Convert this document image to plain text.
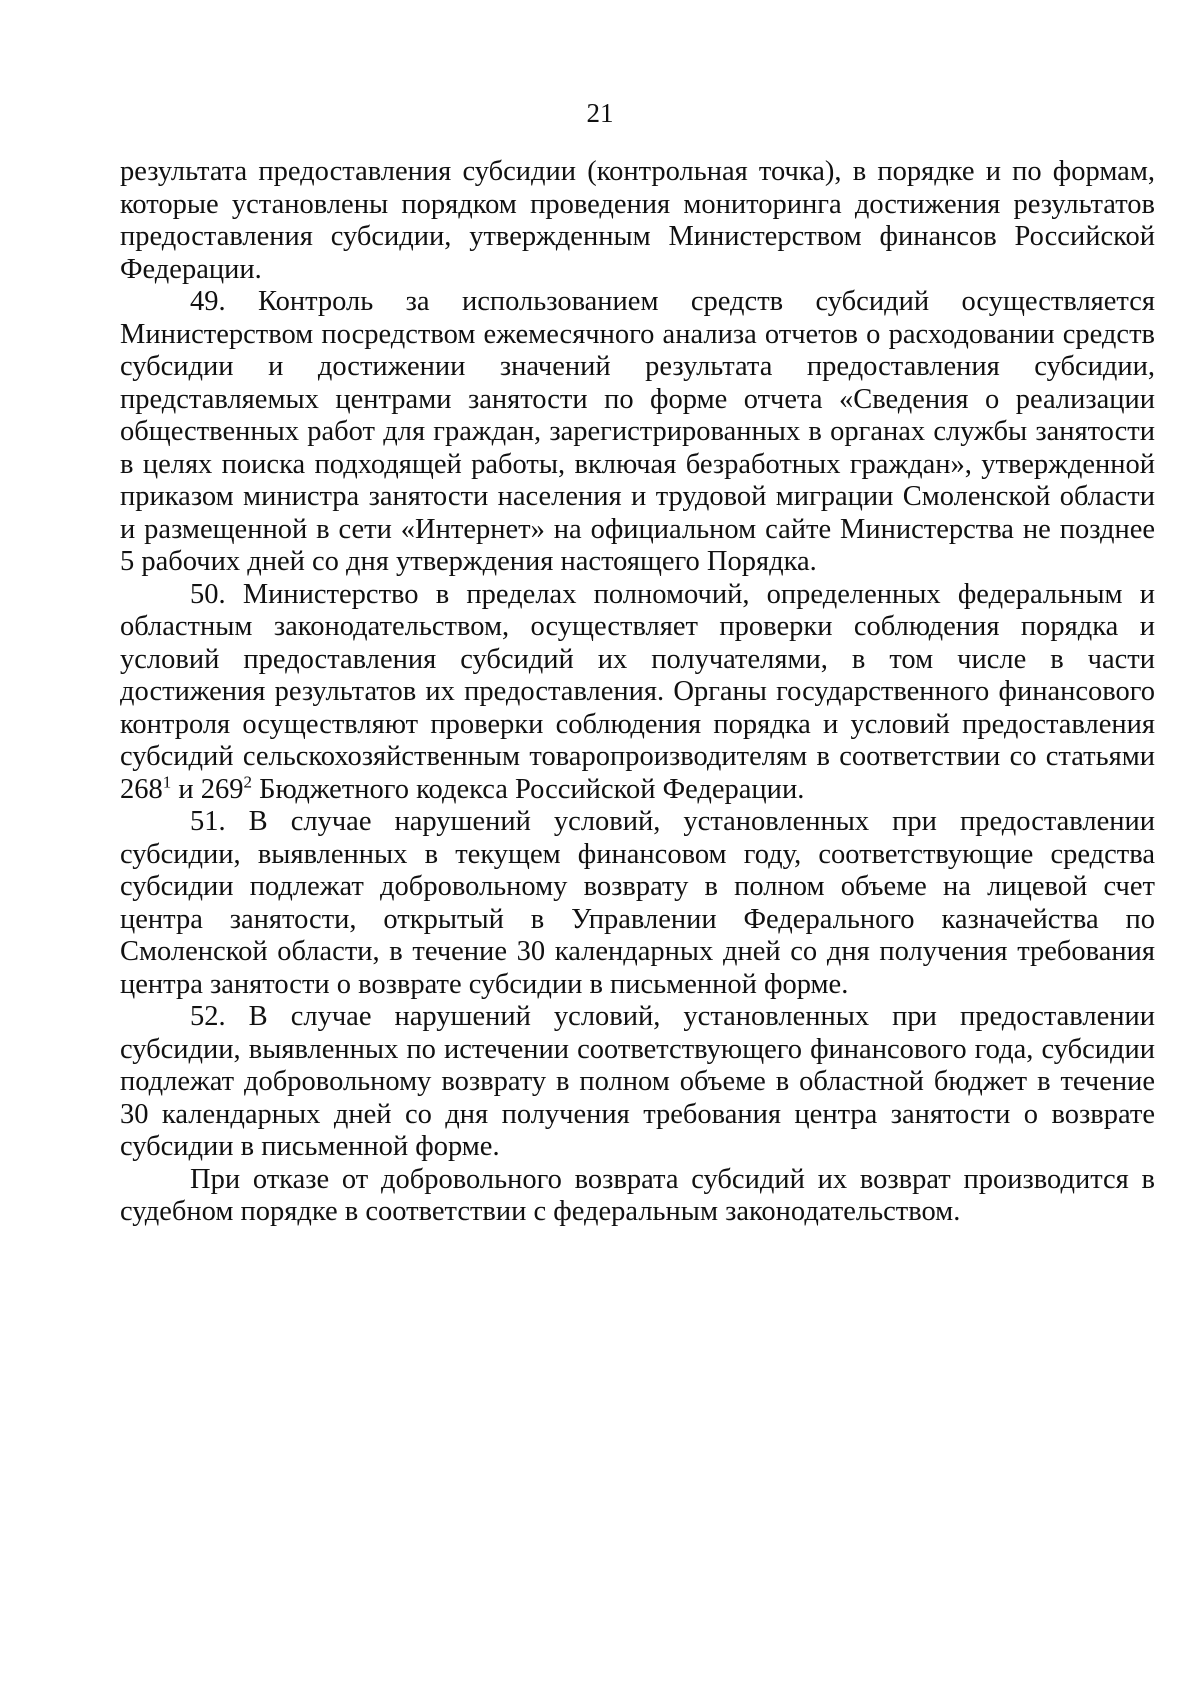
21

результата предоставления субсидии (контрольная точка), в порядке и по формам, которые установлены порядком проведения мониторинга достижения результатов предоставления субсидии, утвержденным Министерством финансов Российской Федерации.

49. Контроль за использованием средств субсидий осуществляется Министерством посредством ежемесячного анализа отчетов о расходовании средств субсидии и достижении значений результата предоставления субсидии, представляемых центрами занятости по форме отчета «Сведения о реализации общественных работ для граждан, зарегистрированных в органах службы занятости в целях поиска подходящей работы, включая безработных граждан», утвержденной приказом министра занятости населения и трудовой миграции Смоленской области и размещенной в сети «Интернет» на официальном сайте Министерства не позднее 5 рабочих дней со дня утверждения настоящего Порядка.

50. Министерство в пределах полномочий, определенных федеральным и областным законодательством, осуществляет проверки соблюдения порядка и условий предоставления субсидий их получателями, в том числе в части достижения результатов их предоставления. Органы государственного финансового контроля осуществляют проверки соблюдения порядка и условий предоставления субсидий сельскохозяйственным товаропроизводителям в соответствии со статьями $268^1$ и $269^2$ Бюджетного кодекса Российской Федерации.

51. В случае нарушений условий, установленных при предоставлении субсидии, выявленных в текущем финансовом году, соответствующие средства субсидии подлежат добровольному возврату в полном объеме на лицевой счет центра занятости, открытый в Управлении Федерального казначейства по Смоленской области, в течение 30 календарных дней со дня получения требования центра занятости о возврате субсидии в письменной форме.

52. В случае нарушений условий, установленных при предоставлении субсидии, выявленных по истечении соответствующего финансового года, субсидии подлежат добровольному возврату в полном объеме в областной бюджет в течение 30 календарных дней со дня получения требования центра занятости о возврате субсидии в письменной форме.

При отказе от добровольного возврата субсидий их возврат производится в судебном порядке в соответствии с федеральным законодательством.
